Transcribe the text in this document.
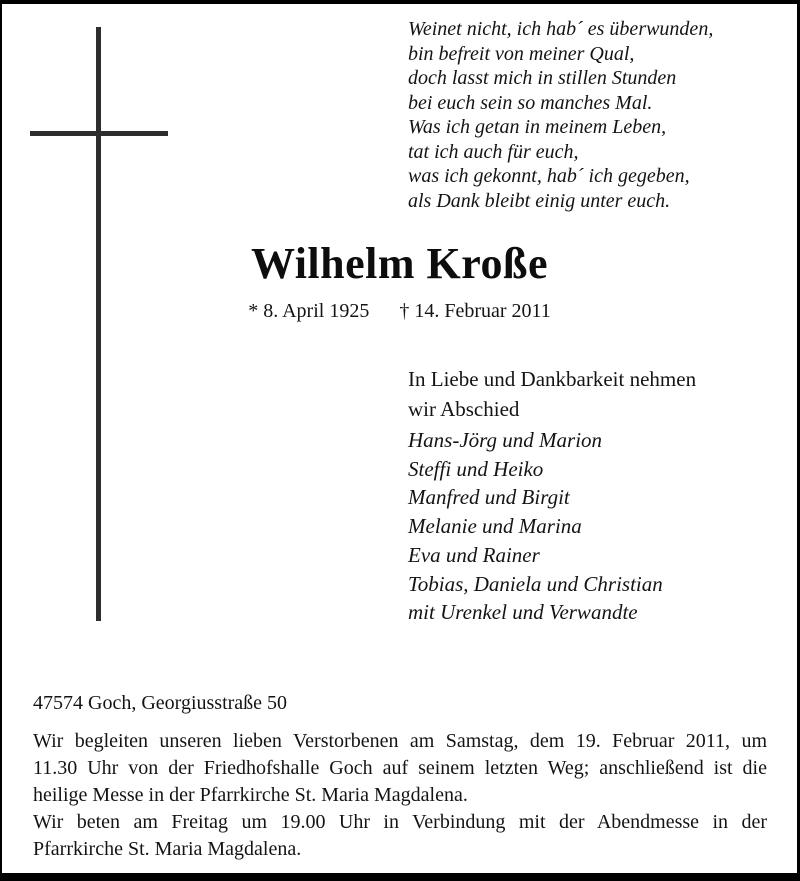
Weinet nicht, ich hab´ es überwunden,
bin befreit von meiner Qual,
doch lasst mich in stillen Stunden
bei euch sein so manches Mal.
Was ich getan in meinem Leben,
tat ich auch für euch,
was ich gekonnt, hab´ ich gegeben,
als Dank bleibt einig unter euch.
Wilhelm Kroße
* 8. April 1925 † 14. Februar 2011
In Liebe und Dankbarkeit nehmen
wir Abschied
Hans-Jörg und Marion
Steffi und Heiko
Manfred und Birgit
Melanie und Marina
Eva und Rainer
Tobias, Daniela und Christian
mit Urenkel und Verwandte
47574 Goch, Georgiusstraße 50
Wir begleiten unseren lieben Verstorbenen am Samstag, dem 19. Februar 2011, um
11.30 Uhr von der Friedhofshalle Goch auf seinem letzten Weg; anschließend ist die
heilige Messe in der Pfarrkirche St. Maria Magdalena.
Wir beten am Freitag um 19.00 Uhr in Verbindung mit der Abendmesse in der
Pfarrkirche St. Maria Magdalena.
